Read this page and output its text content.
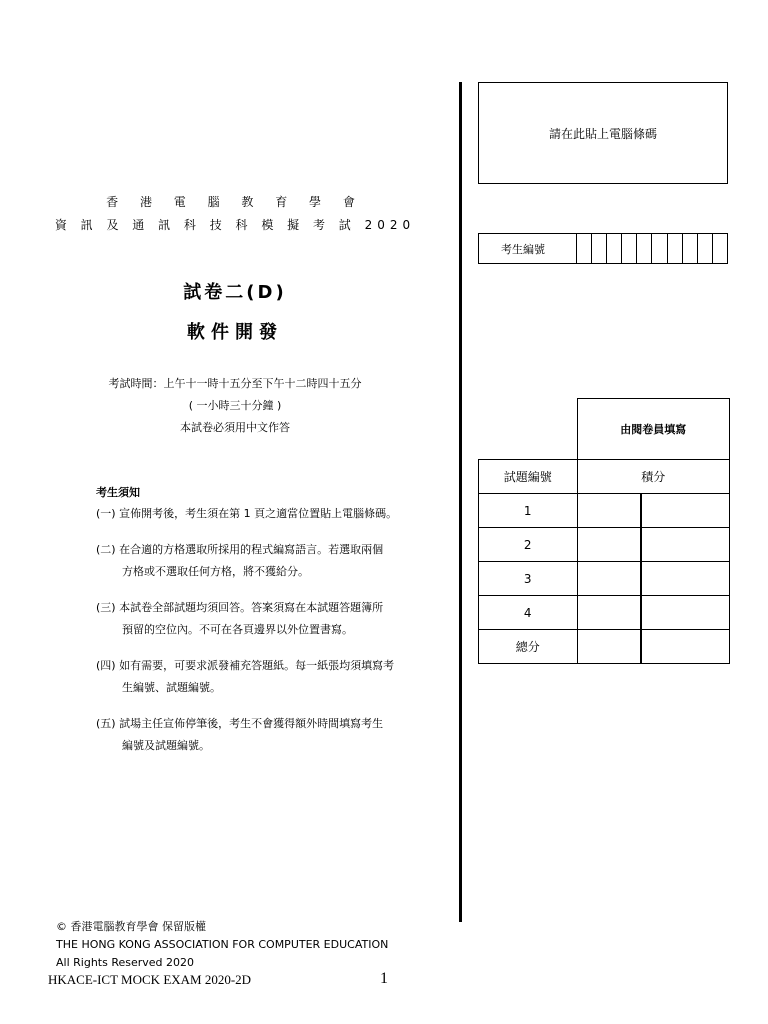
香 港 電 腦 教 育 學 會
資 訊 及 通 訊 科 技 科 模 擬 考 試 2020
試卷二(D)
軟件開發
考試時間：上午十一時十五分至下午十二時四十五分
( 一小時三十分鐘 )
本試卷必須用中文作答
考生須知
(一) 宣佈開考後，考生須在第 1 頁之適當位置貼上電腦條碼。
(二) 在合適的方格選取所採用的程式編寫語言。若選取兩個
方格或不選取任何方格，將不獲給分。
(三) 本試卷全部試題均須回答。答案須寫在本試題答題簿所
預留的空位內。不可在各頁邊界以外位置書寫。
(四) 如有需要，可要求派發補充答題紙。每一紙張均須填寫考
生編號、試題編號。
(五) 試場主任宣佈停筆後，考生不會獲得額外時間填寫考生
編號及試題編號。
請在此貼上電腦條碼
考生編號
	由閱卷員填寫	
試題編號	積分	
1		
2		
3		
4		
總分		
© 香港電腦教育學會 保留版權
THE HONG KONG ASSOCIATION FOR COMPUTER EDUCATION
All Rights Reserved 2020
HKACE-ICT MOCK EXAM 2020-2D	1
